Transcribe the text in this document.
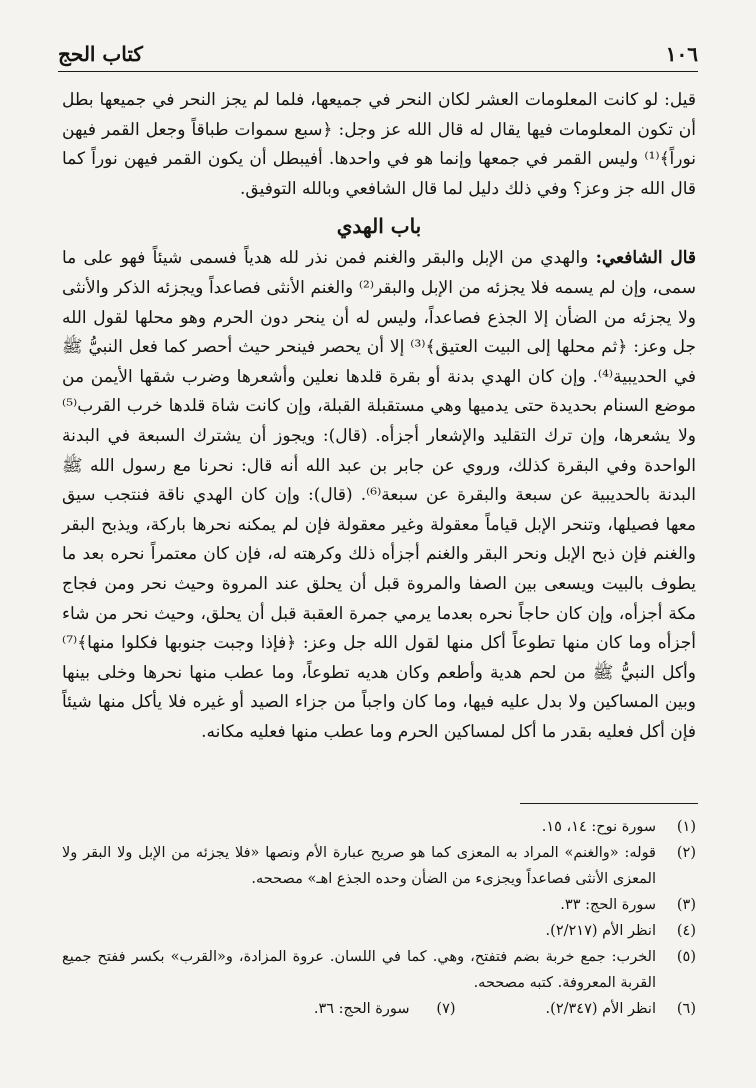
كتاب الحج	١٠٦

قيل: لو كانت المعلومات العشر لكان النحر في جميعها، فلما لم يجز النحر في جميعها بطل أن تكون المعلومات فيها يقال له قال الله عز وجل: ﴿سبع سموات طباقاً وجعل القمر فيهن نوراً﴾⁽¹⁾ وليس القمر في جمعها وإنما هو في واحدها. أفيبطل أن يكون القمر فيهن نوراً كما قال الله جز وعز؟ وفي ذلك دليل لما قال الشافعي وبالله التوفيق.

باب الهدي

قال الشافعي: والهدي من الإبل والبقر والغنم فمن نذر لله هدياً فسمى شيئاً فهو على ما سمى، وإن لم يسمه فلا يجزئه من الإبل والبقر⁽²⁾ والغنم الأنثى فصاعداً ويجزئه الذكر والأنثى ولا يجزئه من الضأن إلا الجذع فصاعداً، وليس له أن ينحر دون الحرم وهو محلها لقول الله جل وعز: ﴿ثم محلها إلى البيت العتيق﴾⁽³⁾ إلا أن يحصر فينحر حيث أحصر كما فعل النبيُّ ﷺ في الحديبية⁽⁴⁾. وإن كان الهدي بدنة أو بقرة قلدها نعلين وأشعرها وضرب شقها الأيمن من موضع السنام بحديدة حتى يدميها وهي مستقبلة القبلة، وإن كانت شاة قلدها خرب القرب⁽⁵⁾ ولا يشعرها، وإن ترك التقليد والإشعار أجزأه. (قال): ويجوز أن يشترك السبعة في البدنة الواحدة وفي البقرة كذلك، وروي عن جابر بن عبد الله أنه قال: نحرنا مع رسول الله ﷺ البدنة بالحديبية عن سبعة والبقرة عن سبعة⁽⁶⁾. (قال): وإن كان الهدي ناقة فنتجب سيق معها فصيلها، وتنحر الإبل قياماً معقولة وغير معقولة فإن لم يمكنه نحرها باركة، ويذبح البقر والغنم فإن ذبح الإبل ونحر البقر والغنم أجزأه ذلك وكرهته له، فإن كان معتمراً نحره بعد ما يطوف بالبيت ويسعى بين الصفا والمروة قبل أن يحلق عند المروة وحيث نحر ومن فجاج مكة أجزأه، وإن كان حاجاً نحره بعدما يرمي جمرة العقبة قبل أن يحلق، وحيث نحر من شاء أجزأه وما كان منها تطوعاً أكل منها لقول الله جل وعز: ﴿فإذا وجبت جنوبها فكلوا منها﴾⁽⁷⁾ وأكل النبيُّ ﷺ من لحم هدية وأطعم وكان هديه تطوعاً، وما عطب منها نحرها وخلى بينها وبين المساكين ولا بدل عليه فيها، وما كان واجباً من جزاء الصيد أو غيره فلا يأكل منها شيئاً فإن أكل فعليه بقدر ما أكل لمساكين الحرم وما عطب منها فعليه مكانه.

(١)
سورة نوح: ١٤، ١٥.
(٢)
قوله: «والغنم» المراد به المعزى كما هو صريح عبارة الأم ونصها «فلا يجزئه من الإبل ولا البقر ولا المعزى الأنثى فصاعداً ويجزىء من الضأن وحده الجذع اهـ» مصححه.
(٣)
سورة الحج: ٣٣.
(٤)
انظر الأم (٢/٢١٧).
(٥)
الخرب: جمع خربة بضم فتفتح، وهي. كما في اللسان. عروة المزادة، و«القرب» بكسر ففتح جميع القربة المعروفة. كتبه مصححه.
(٦)
انظر الأم (٢/٣٤٧).
(٧)
سورة الحج: ٣٦.
